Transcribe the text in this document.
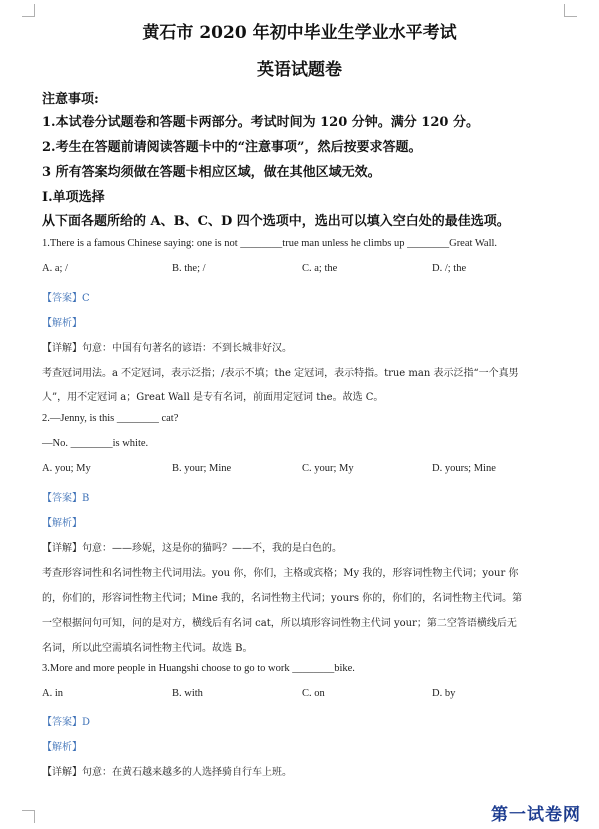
黄石市 2020 年初中毕业生学业水平考试
英语试题卷
注意事项:
1.本试卷分试题卷和答题卡两部分。考试时间为 120 分钟。满分 120 分。
2.考生在答题前请阅读答题卡中的“注意事项”，然后按要求答题。
3 所有答案均须做在答题卡相应区域，做在其他区域无效。
I.单项选择
从下面各题所给的 A、B、C、D 四个选项中，选出可以填入空白处的最佳选项。
1.There is a famous Chinese saying: one is not ________true man unless he climbs up ________Great Wall.
A. a; /	B. the; /	C. a; the	D. /; the
【答案】C
【解析】
【详解】句意：中国有句著名的谚语：不到长城非好汉。
考查冠词用法。a 不定冠词，表示泛指；/表示不填；the 定冠词，表示特指。true man 表示泛指“一个真男
人”，用不定冠词 a；Great Wall 是专有名词，前面用定冠词 the。故选 C。
2.—Jenny, is this ________ cat?
—No. ________is white.
A. you; My	B. your; Mine	C. your; My	D. yours; Mine
【答案】B
【解析】
【详解】句意：——珍妮，这是你的猫吗？——不，我的是白色的。
考查形容词性和名词性物主代词用法。you 你，你们，主格或宾格；My 我的，形容词性物主代词；your 你
的，你们的，形容词性物主代词；Mine 我的，名词性物主代词；yours 你的，你们的，名词性物主代词。第
一空根据问句可知，问的是对方，横线后有名词 cat，所以填形容词性物主代词 your；第二空答语横线后无
名词，所以此空需填名词性物主代词。故选 B。
3.More and more people in Huangshi choose to go to work ________bike.
A. in	B. with	C. on	D. by
【答案】D
【解析】
【详解】句意：在黄石越来越多的人选择骑自行车上班。
第一试卷网
